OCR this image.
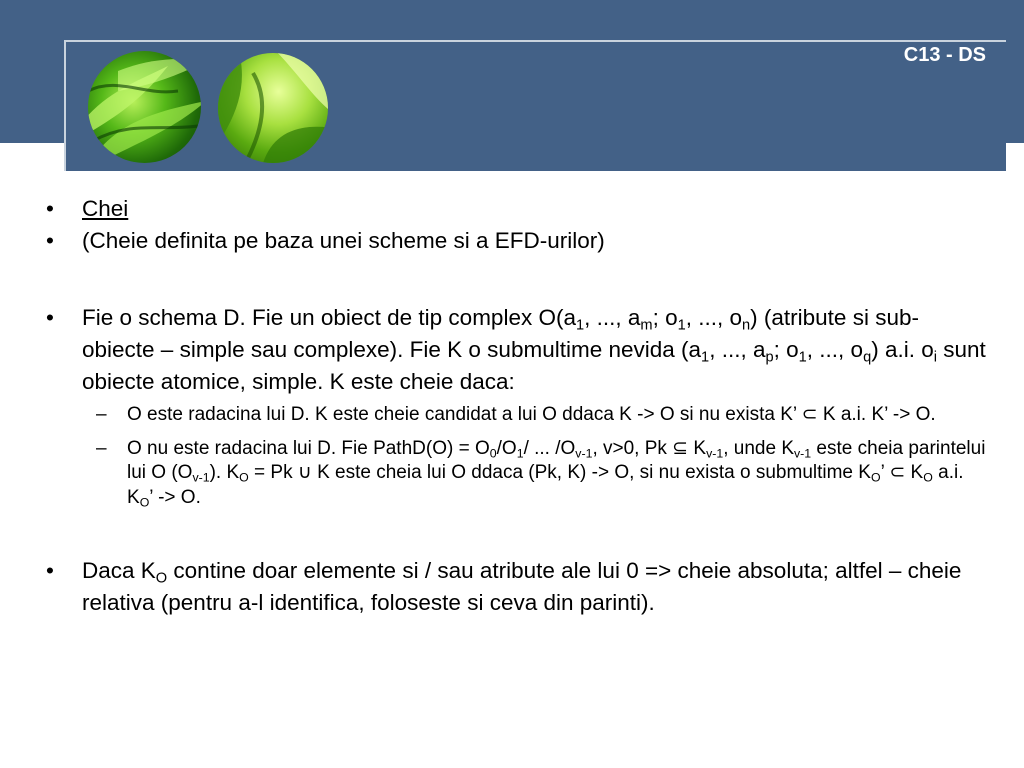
C13 - DS
• Chei
• (Cheie definita pe baza unei scheme si a EFD-urilor)
• Fie o schema D. Fie un obiect de tip complex $O(a_1$, ..., $a_m$; $o_1$, ..., $o_n$) (atribute si sub-obiecte – simple sau complexe). Fie K o submultime nevida ($a_1$, ..., $a_p$; $o_1$, ..., $o_q$) a.i. $o_i$ sunt obiecte atomice, simple. K este cheie daca:
– O este radacina lui D. K este cheie candidat a lui O ddaca K -> O si nu exista K’ ⊂ K a.i. K’ -> O.
– O nu este radacina lui D. Fie PathD(O) = $O_0/O_1/$ ... $/O_{v-1}$, v>0, Pk ⊆ $K_{v-1}$, unde $K_{v-1}$ este cheia parintelui lui O $(O_{v-1})$. $K_O = Pk$ ∪ K este cheia lui O ddaca (Pk, K) -> O, si nu exista o submultime $K_O$’ ⊂ $K_O$ a.i. $K_O$’ -> O.
• Daca $K_O$ contine doar elemente si / sau atribute ale lui 0 => cheie absoluta; altfel – cheie relativa (pentru a-l identifica, foloseste si ceva din parinti).
